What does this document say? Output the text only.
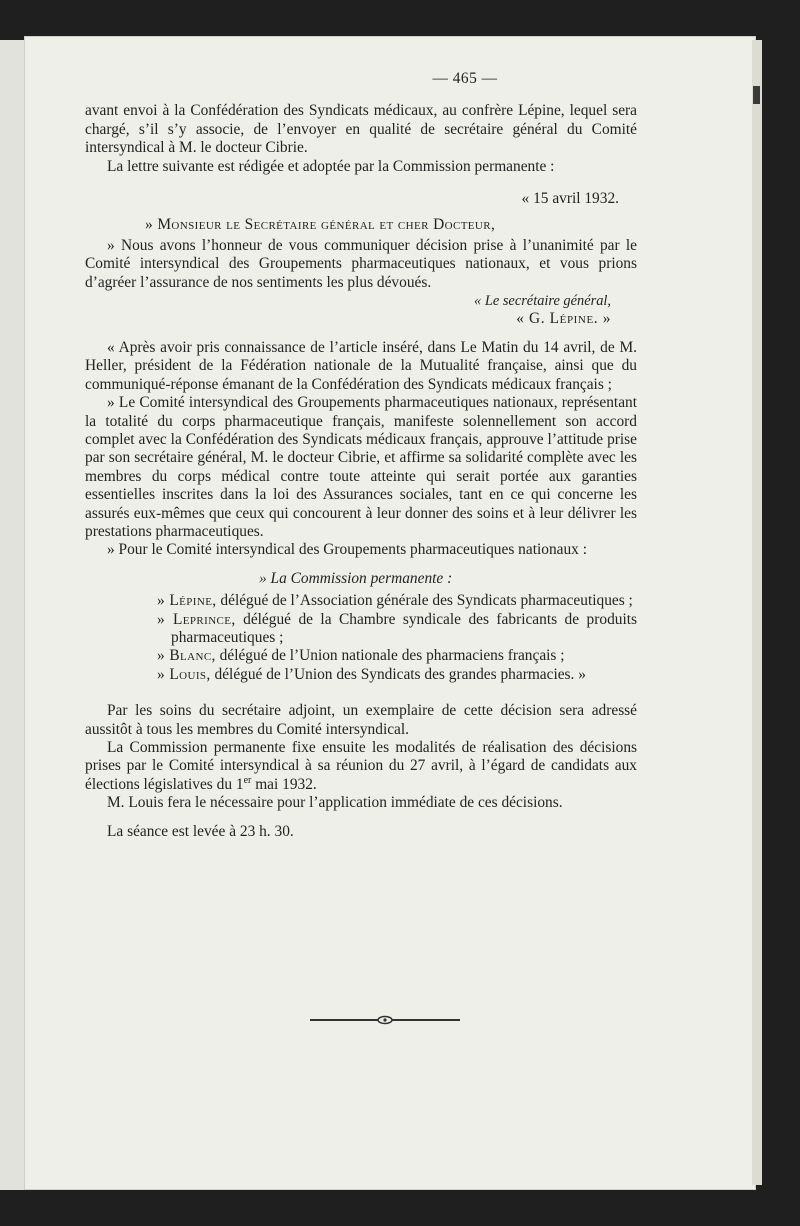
— 465 —

avant envoi à la Confédération des Syndicats médicaux, au confrère Lépine, lequel sera chargé, s’il s’y associe, de l’envoyer en qualité de secrétaire général du Comité intersyndical à M. le docteur Cibrie.

La lettre suivante est rédigée et adoptée par la Commission permanente :

« 15 avril 1932.
» Monsieur le Secrétaire général et cher Docteur,

» Nous avons l’honneur de vous communiquer décision prise à l’unanimité par le Comité intersyndical des Groupements pharmaceutiques nationaux, et vous prions d’agréer l’assurance de nos sentiments les plus dévoués.

« Le secrétaire général,
« G. Lépine. »

« Après avoir pris connaissance de l’article inséré, dans Le Matin du 14 avril, de M. Heller, président de la Fédération nationale de la Mutualité française, ainsi que du communiqué-réponse émanant de la Confédération des Syndicats médicaux français ;

» Le Comité intersyndical des Groupements pharmaceutiques nationaux, représentant la totalité du corps pharmaceutique français, manifeste solennellement son accord complet avec la Confédération des Syndicats médicaux français, approuve l’attitude prise par son secrétaire général, M. le docteur Cibrie, et affirme sa solidarité complète avec les membres du corps médical contre toute atteinte qui serait portée aux garanties essentielles inscrites dans la loi des Assurances sociales, tant en ce qui concerne les assurés eux-mêmes que ceux qui concourent à leur donner des soins et à leur délivrer les prestations pharmaceutiques.

» Pour le Comité intersyndical des Groupements pharmaceutiques nationaux :

» La Commission permanente :
» Lépine, délégué de l’Association générale des Syndicats pharmaceutiques ;
» Leprince, délégué de la Chambre syndicale des fabricants de produits pharmaceutiques ;
» Blanc, délégué de l’Union nationale des pharmaciens français ;
» Louis, délégué de l’Union des Syndicats des grandes pharmacies. »

Par les soins du secrétaire adjoint, un exemplaire de cette décision sera adressé aussitôt à tous les membres du Comité intersyndical.

La Commission permanente fixe ensuite les modalités de réalisation des décisions prises par le Comité intersyndical à sa réunion du 27 avril, à l’égard de candidats aux élections législatives du 1er mai 1932.

M. Louis fera le nécessaire pour l’application immédiate de ces décisions.

La séance est levée à 23 h. 30.
